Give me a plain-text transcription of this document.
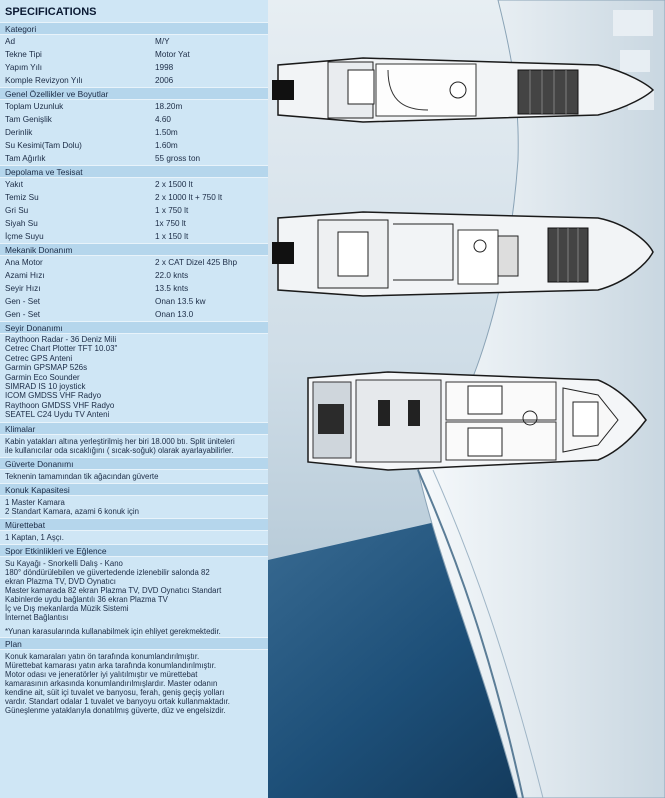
SPECIFICATIONS
Kategori
Ad	M/Y
Tekne Tipi	Motor Yat
Yapım Yılı	1998
Komple Revizyon Yılı	2006
Genel Özellikler ve Boyutlar
Toplam Uzunluk	18.20m
Tam Genişlik	4.60
Derinlik	1.50m
Su Kesimi(Tam Dolu)	1.60m
Tam Ağırlık	55 gross ton
Depolama ve Tesisat
Yakıt	2 x 1500 lt
Temiz Su	2 x 1000 lt + 750 lt
Gri Su	1 x 750 lt
Siyah Su	1x 750 lt
İçme Suyu	1 x 150 lt
Mekanik Donanım
Ana Motor	2 x CAT Dizel 425 Bhp
Azami Hızı	22.0 knts
Seyir Hızı	13.5 knts
Gen - Set	Onan 13.5 kw
Gen - Set	Onan 13.0
Seyir Donanımı
Raythoon Radar - 36 Deniz Mili
Cetrec Chart Plotter TFT 10.03"
Cetrec GPS Anteni
Garmin GPSMAP 526s
Garmin Eco Sounder
SIMRAD IS 10 joystick
ICOM GMDSS VHF Radyo
Raythoon GMDSS VHF Radyo
SEATEL C24 Uydu TV Anteni
Klimalar
Kabin yatakları altına yerleştirilmiş her biri 18.000 btı. Split üniteleri
ile kullanıcılar oda sıcaklığını ( sıcak-soğuk) olarak ayarlayabilirler.
Güverte Donanımı
Teknenin tamamından tik ağacından güverte
Konuk Kapasitesi
1 Master Kamara
2 Standart Kamara, azami 6 konuk için
Mürettebat
1 Kaptan, 1 Aşçı.
Spor Etkinlikleri ve Eğlence
Su Kayağı - Snorkelli Dalış - Kano
180° döndürülebilen ve güvertedende izlenebilir salonda 82
ekran Plazma TV, DVD Oynatıcı
Master kamarada 82 ekran Plazma TV, DVD Oynatıcı Standart
Kabinlerde uydu bağlantılı 36 ekran Plazma TV
İç ve Dış mekanlarda Müzik Sistemi
İnternet Bağlantısı
*Yunan karasularında kullanabilmek için ehliyet gerekmektedir.
Plan
Konuk kamaraları yatın ön tarafında konumlandırılmıştır.
Mürettebat kamarası yatın arka tarafında konumlandırılmıştır.
Motor odası ve jeneratörler iyi yalıtılmıştır ve mürettebat
kamarasının arkasında konumlandırılmışlardır. Master odanın
kendine ait, süit içi tuvalet ve banyosu, ferah, geniş geçiş yolları
vardır. Standart odalar 1 tuvalet ve banyoyu ortak kullanmaktadır.
Güneşlenme yataklarıyla donatılmış güverte, düz ve engelsizdir.
